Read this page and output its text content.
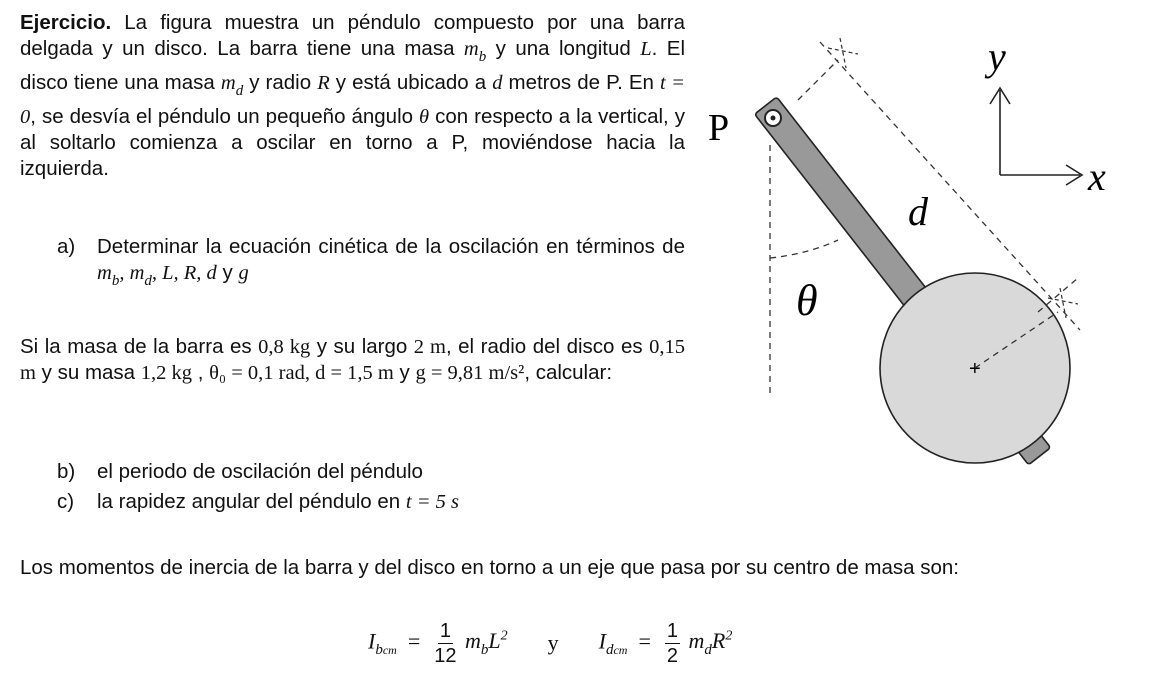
Ejercicio. La figura muestra un péndulo compuesto por una barra delgada y un disco. La barra tiene una masa $m_b$ y una longitud L. El disco tiene una masa $m_d$ y radio R y está ubicado a d metros de P. En t = 0, se desvía el péndulo un pequeño ángulo θ con respecto a la vertical, y al soltarlo comienza a oscilar en torno a P, moviéndose hacia la izquierda.
a) Determinar la ecuación cinética de la oscilación en términos de $m_b$, $m_d$, L, R, d y g
Si la masa de la barra es 0,8 kg y su largo 2 m, el radio del disco es 0,15 m y su masa 1,2 kg , θ₀ = 0,1 rad, d = 1,5 m y g = 9,81 m/s², calcular:
b) el periodo de oscilación del péndulo
c) la rapidez angular del péndulo en t = 5 s
Los momentos de inercia de la barra y del disco en torno a un eje que pasa por su centro de masa son:
$I_{bcm} = \frac{1}{12} m_bL^2$ y $I_{dcm} = \frac{1}{2} m_dR^2$
+
P
d
θ
y
x
